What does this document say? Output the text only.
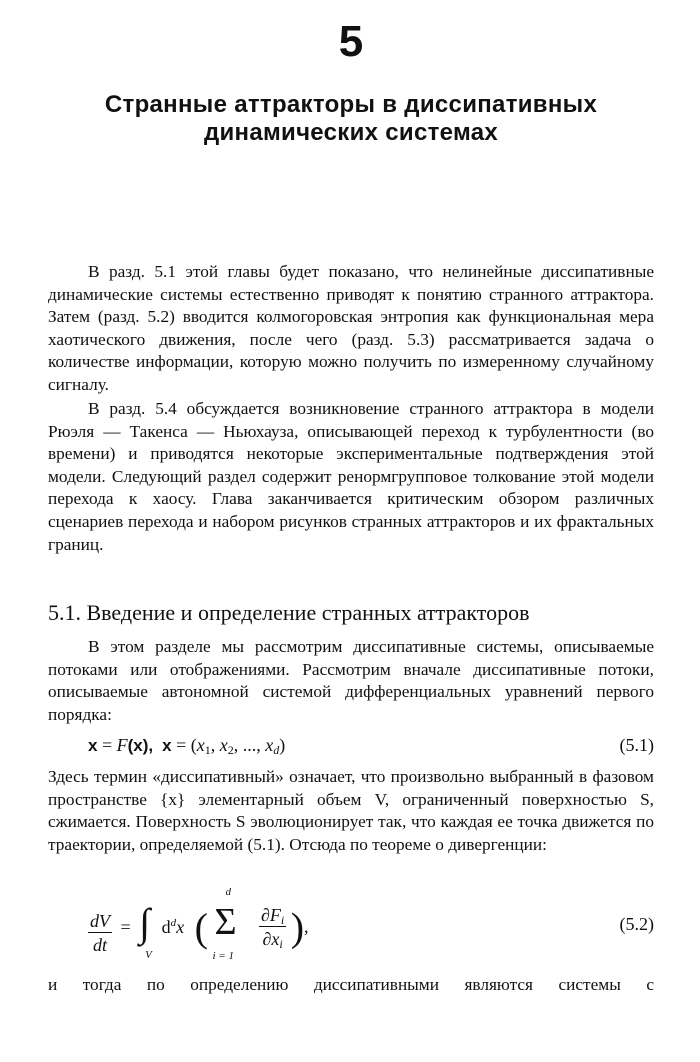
5
Странные аттракторы в диссипативных
динамических системах

В разд. 5.1 этой главы будет показано, что нелинейные диссипативные динамические системы естественно приводят к понятию странного аттрактора. Затем (разд. 5.2) вводится колмогоровская энтропия как функциональная мера хаотического движения, после чего (разд. 5.3) рассматривается задача о количестве информации, которую можно получить по измеренному случайному сигналу.

В разд. 5.4 обсуждается возникновение странного аттрактора в модели Рюэля — Такенса — Ньюхауза, описывающей переход к турбулентности (во времени) и приводятся некоторые экспериментальные подтверждения этой модели. Следующий раздел содержит ренормгрупповое толкование этой модели перехода к хаосу. Глава заканчивается критическим обзором различных сценариев перехода и набором рисунков странных аттракторов и их фрактальных границ.

5.1. Введение и определение странных аттракторов

В этом разделе мы рассмотрим диссипативные системы, описываемые потоками или отображениями. Рассмотрим вначале диссипативные потоки, описываемые автономной системой дифференциальных уравнений первого порядка:

x = F(x), $x = (x_1$, $x_2$, ..., $x_d$)	(5.1)

Здесь термин «диссипативный» означает, что произвольно выбранный в фазовом пространстве {x} элементарный объем V, ограниченный поверхностью S, сжимается. Поверхность S эволюционирует так, что каждая ее точка движется по траектории, определяемой (5.1). Отсюда по теореме о дивергенции:

$\frac{dV}{dt}$ = ∫
V
$d^dx$ (
d
Σ
i = 1

$\frac{\partial F_i}{\partial x_i}$ ),	(5.2)

и тогда по определению диссипативными являются системы с
